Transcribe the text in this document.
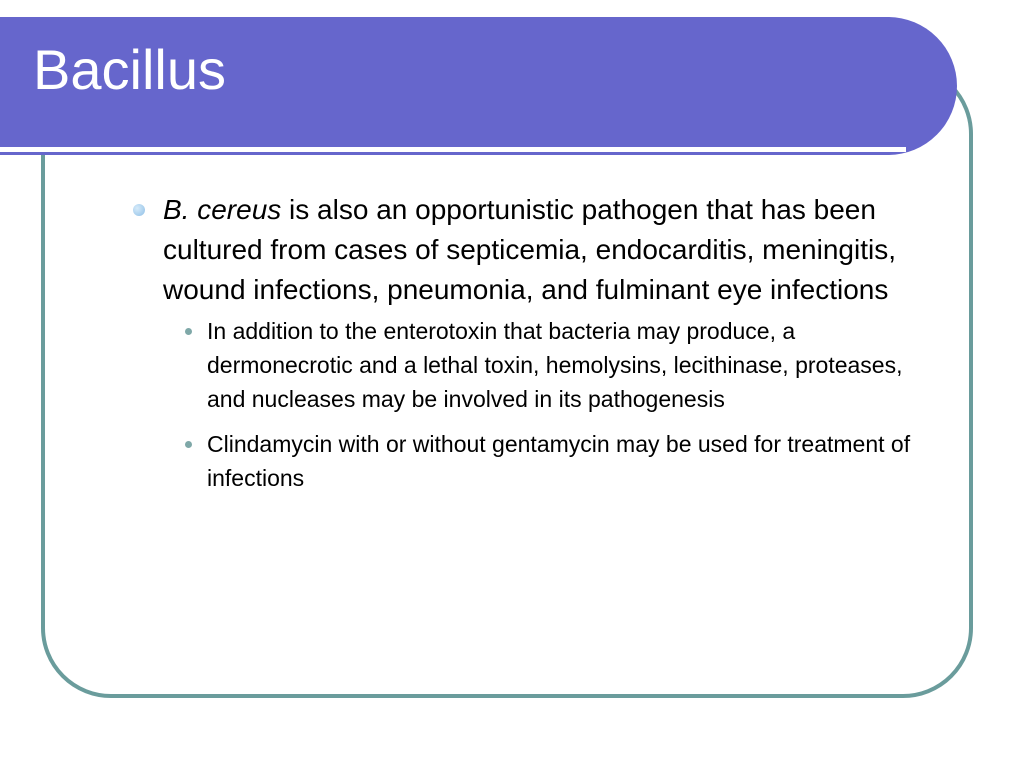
Bacillus
B. cereus is also an opportunistic pathogen that has been cultured from cases of septicemia, endocarditis, meningitis, wound infections, pneumonia, and fulminant eye infections
In addition to the enterotoxin that bacteria may produce, a dermonecrotic and a lethal toxin, hemolysins, lecithinase, proteases, and nucleases may be involved in its pathogenesis
Clindamycin with or without gentamycin may be used for treatment of infections
